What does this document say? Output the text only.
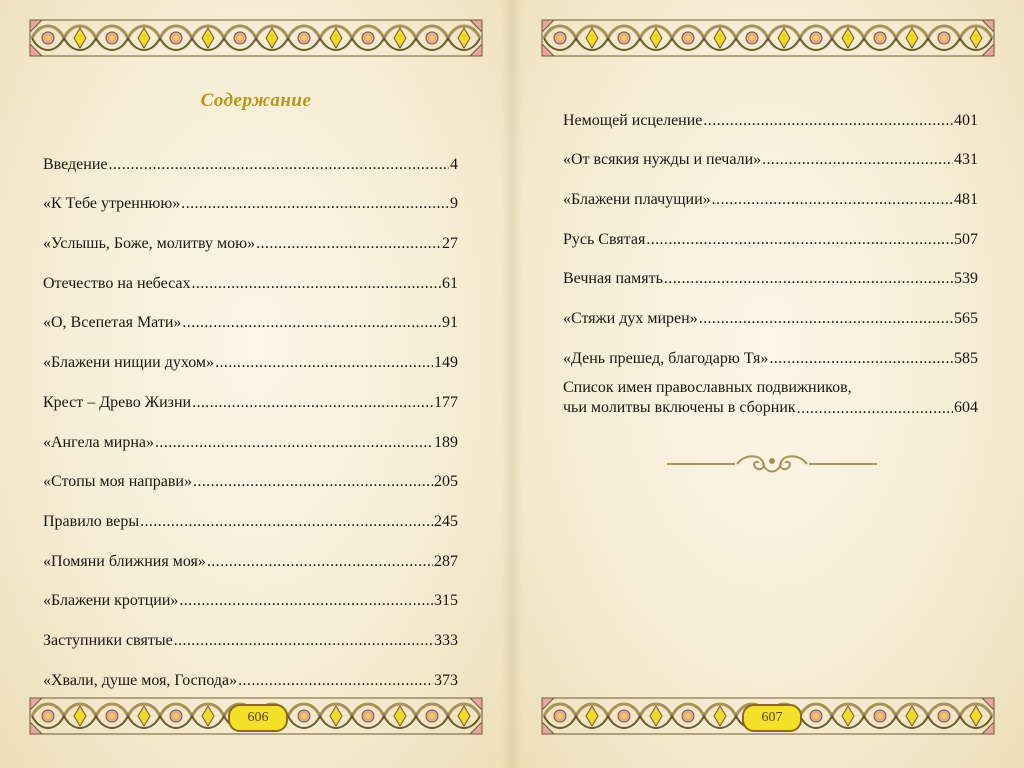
Содержание
Введение .....	4
«К Тебе утреннюю» .....	9
«Услышь, Боже, молитву мою» .....	27
Отечество на небесах .....	61
«О, Всепетая Мати» .....	91
«Блажени нищии духом» .....	149
Крест – Древо Жизни .....	177
«Ангела мирна» .....	189
«Стопы моя направи» .....	205
Правило веры .....	245
«Помяни ближния моя» .....	287
«Блажени кротции» .....	315
Заступники святые .....	333
«Хвали, душе моя, Господа» .....	373
606
Немощей исцеление .....	401
«От всякия нужды и печали» .....	431
«Блажени плачущии» .....	481
Русь Святая .....	507
Вечная память .....	539
«Стяжи дух мирен» .....	565
«День прешед, благодарю Тя» .....	585
Список имен православных подвижников,
чьи молитвы включены в сборник .....	604
607
